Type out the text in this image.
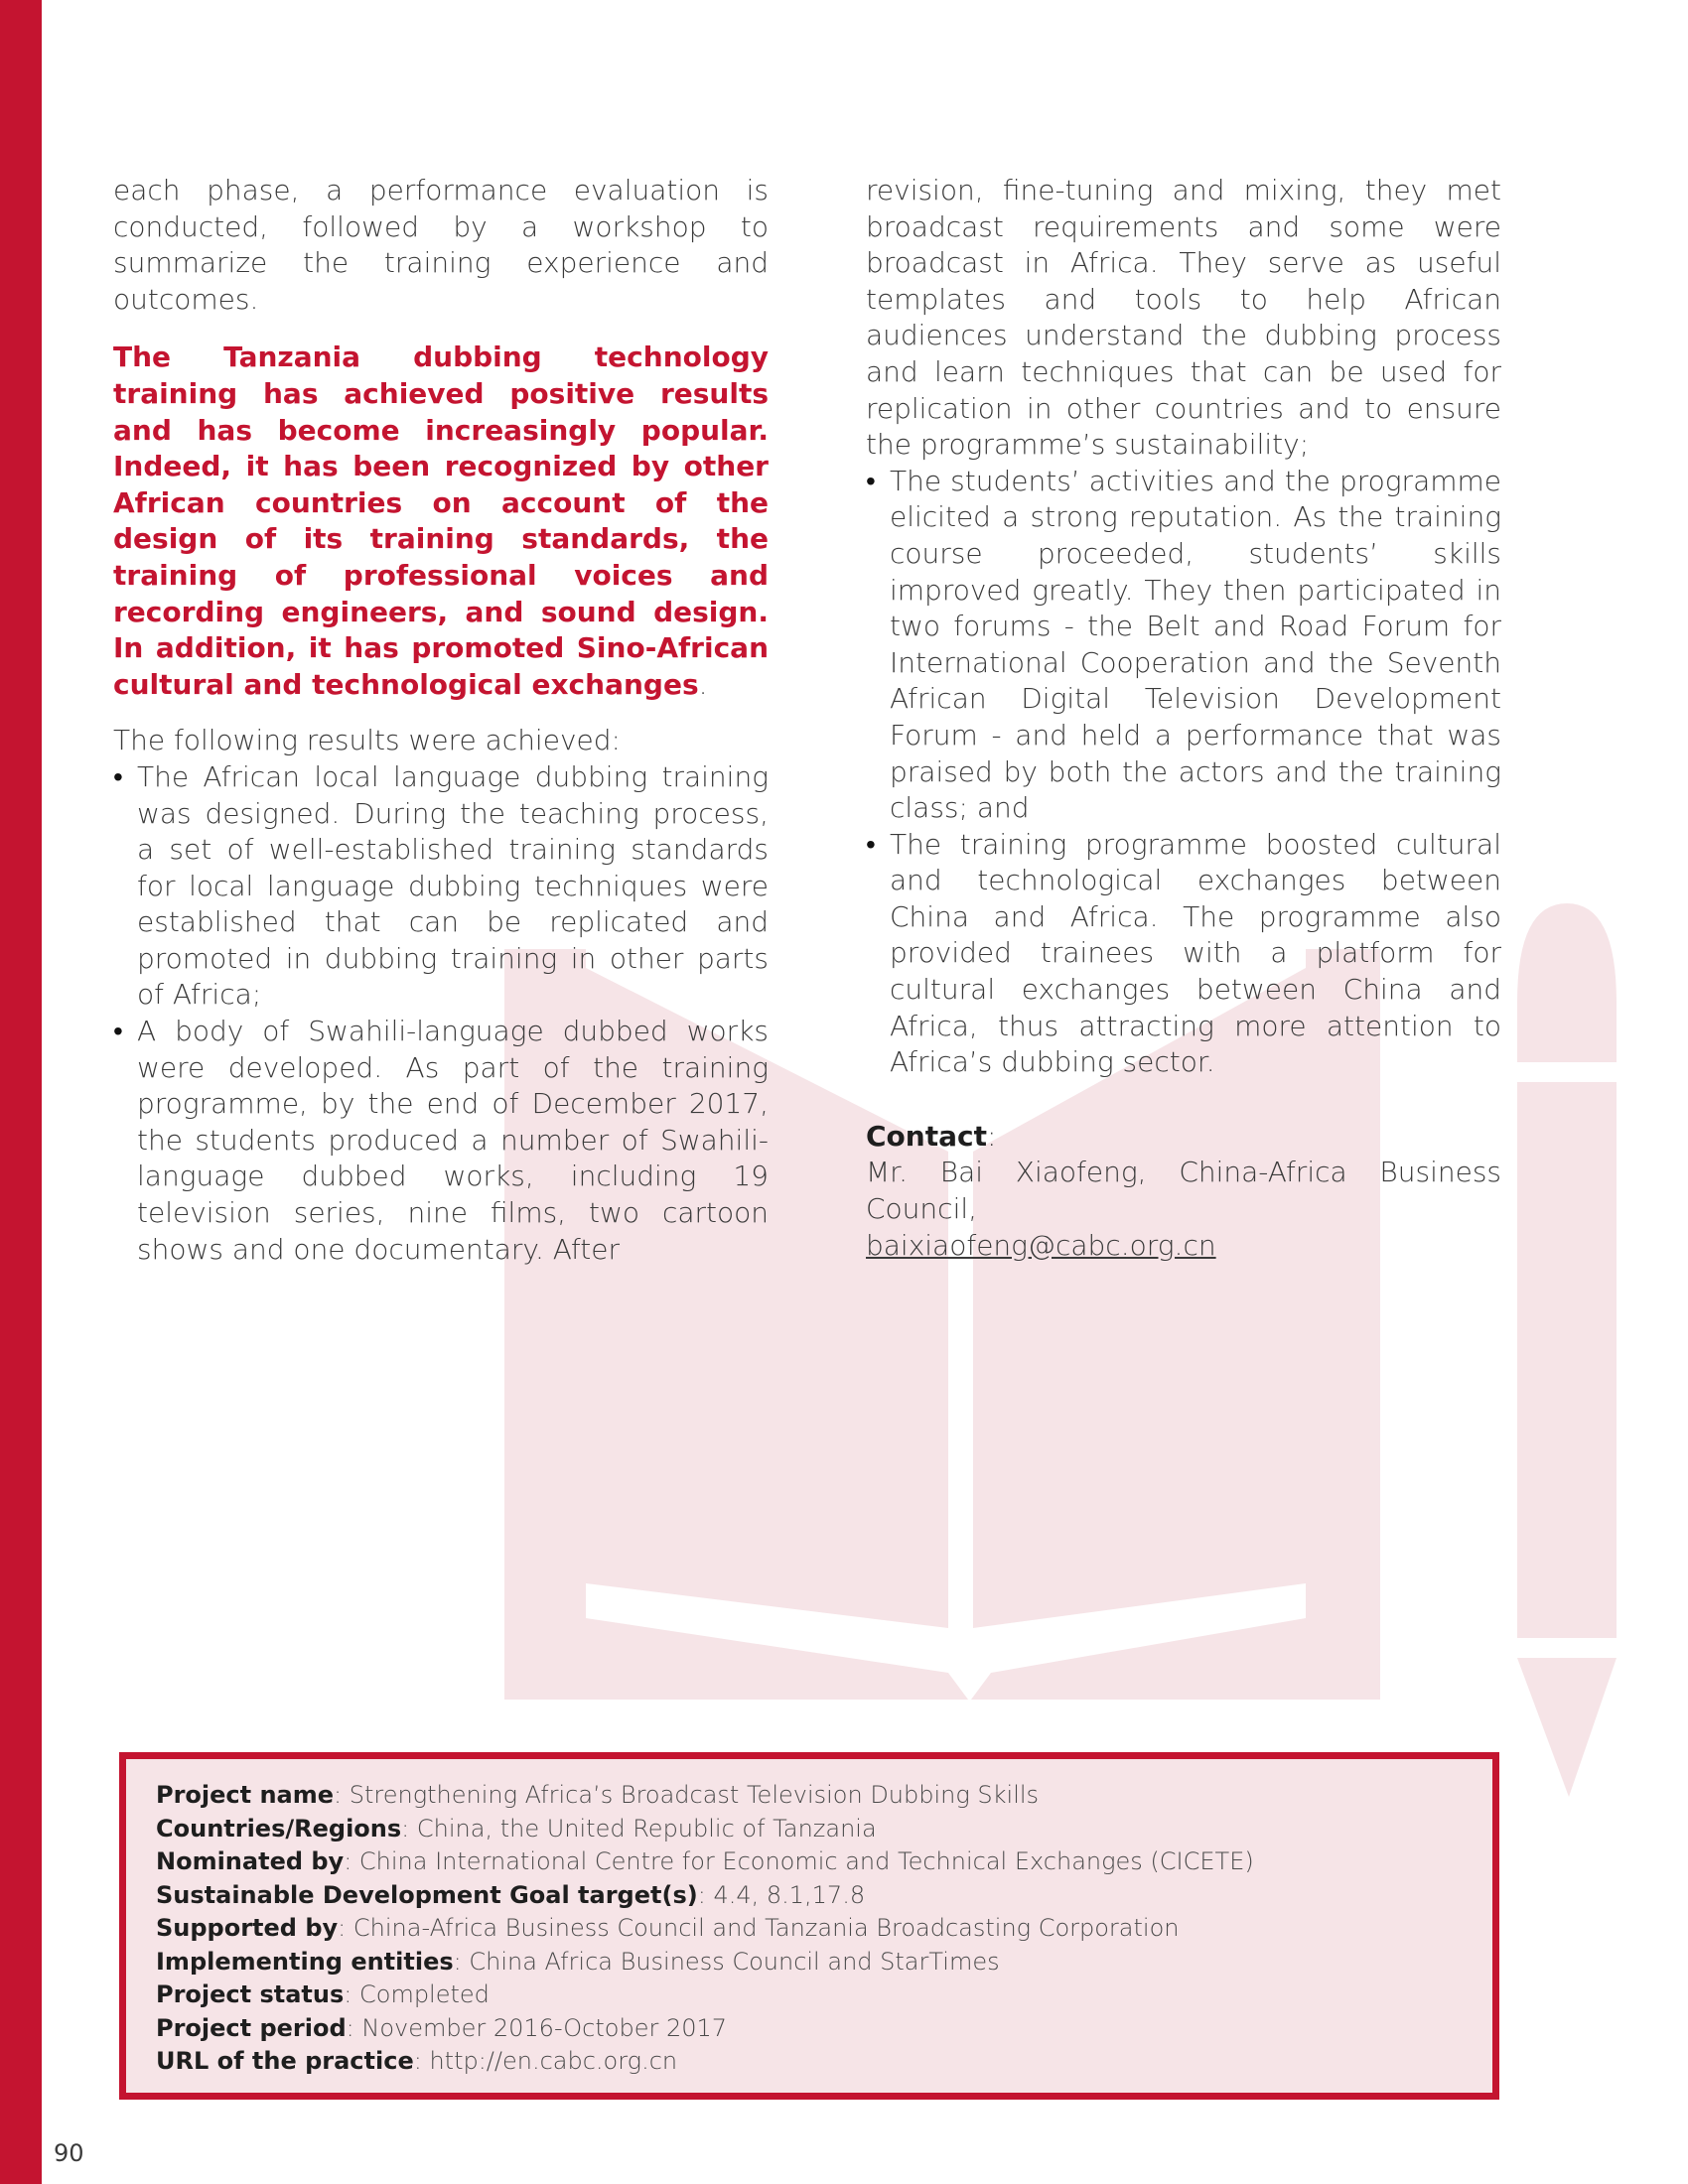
each phase, a performance evaluation is conducted, followed by a workshop to summarize the training experience and outcomes.

The Tanzania dubbing technology training has achieved positive results and has become increasingly popular. Indeed, it has been recognized by other African countries on account of the design of its training standards, the training of professional voices and recording engineers, and sound design. In addition, it has promoted Sino-African cultural and technological exchanges.

The following results were achieved:

• The African local language dubbing training was designed. During the teaching process, a set of well-established training standards for local language dubbing techniques were established that can be replicated and promoted in dubbing training in other parts of Africa;
• A body of Swahili-language dubbed works were developed. As part of the training programme, by the end of December 2017, the students produced a number of Swahili-language dubbed works, including 19 television series, nine films, two cartoon shows and one documentary. After

revision, fine-tuning and mixing, they met broadcast requirements and some were broadcast in Africa. They serve as useful templates and tools to help African audiences understand the dubbing process and learn techniques that can be used for replication in other countries and to ensure the programme’s sustainability;

• The students’ activities and the programme elicited a strong reputation. As the training course proceeded, students’ skills improved greatly. They then participated in two forums - the Belt and Road Forum for International Cooperation and the Seventh African Digital Television Development Forum - and held a performance that was praised by both the actors and the training class; and
• The training programme boosted cultural and technological exchanges between China and Africa. The programme also provided trainees with a platform for cultural exchanges between China and Africa, thus attracting more attention to Africa’s dubbing sector.
Contact:

Mr. Bai Xiaofeng, China-Africa Business Council,

baixiaofeng@cabc.org.cn
Project name: Strengthening Africa’s Broadcast Television Dubbing Skills
Countries/Regions: China, the United Republic of Tanzania
Nominated by: China International Centre for Economic and Technical Exchanges (CICETE)
Sustainable Development Goal target(s): 4.4, 8.1,17.8
Supported by: China-Africa Business Council and Tanzania Broadcasting Corporation
Implementing entities: China Africa Business Council and StarTimes
Project status: Completed
Project period: November 2016-October 2017
URL of the practice: http://en.cabc.org.cn
90
